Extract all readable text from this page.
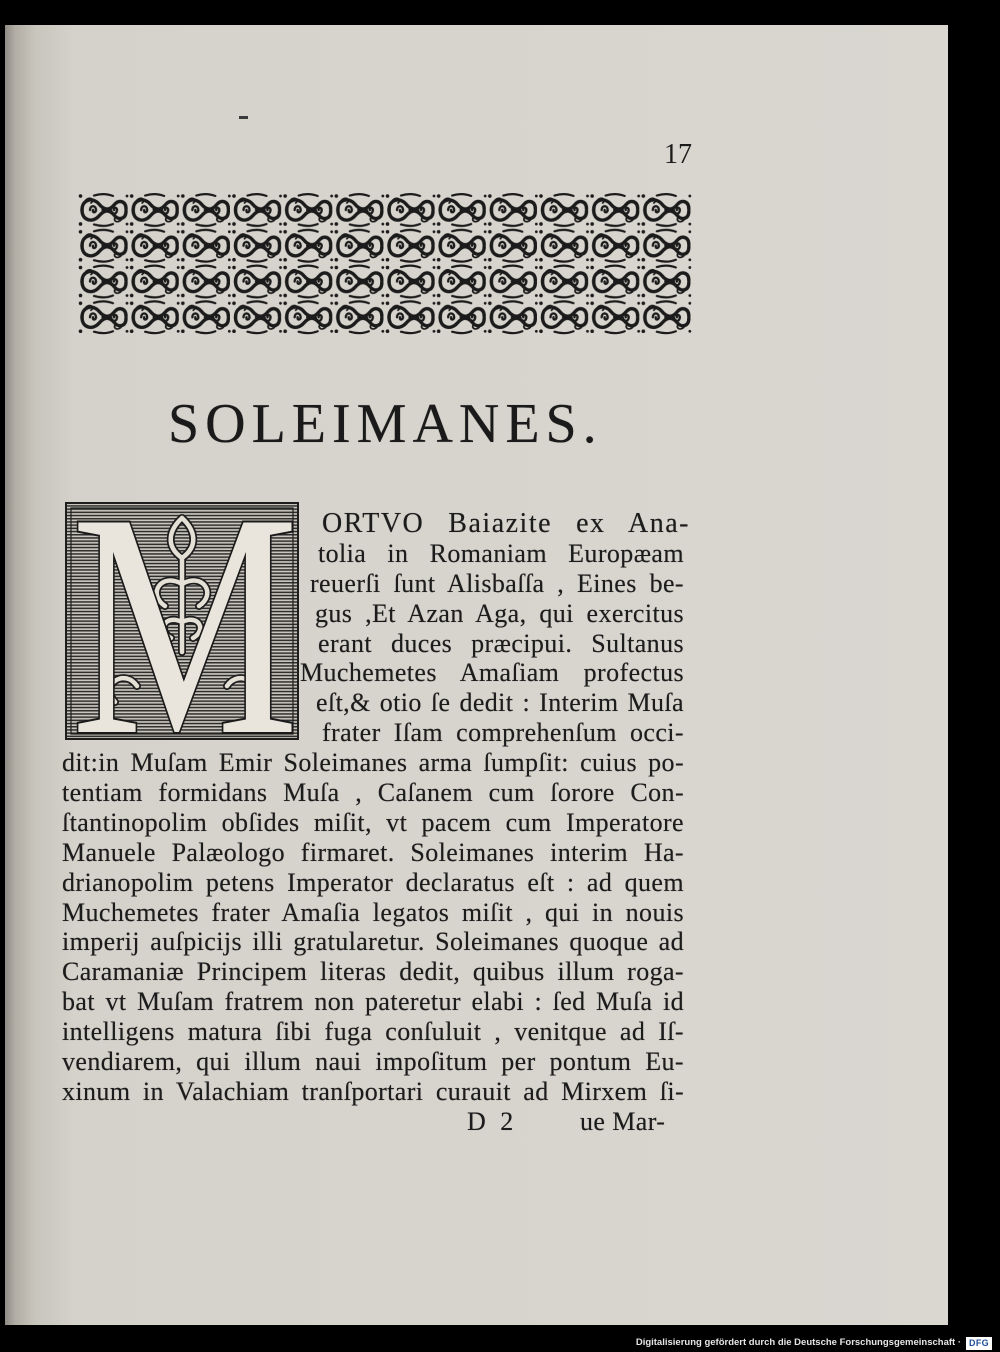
17
SOLEIMANES.
M ORTVO Baiazite ex Ana-
tolia in Romaniam Europæam
reuerſi ſunt Alisbaſſa , Eines be-
gus ,Et Azan Aga, qui exercitus
erant duces præcipui. Sultanus
Muchemetes Amaſiam profectus
eſt,& otio ſe dedit : Interim Muſa
frater Iſam comprehenſum occi-
dit:in Muſam Emir Soleimanes arma ſumpſit: cuius po-
tentiam formidans Muſa , Caſanem cum ſorore Con-
ſtantinopolim obſides miſit, vt pacem cum Imperatore
Manuele Palæologo firmaret. Soleimanes interim Ha-
drianopolim petens Imperator declaratus eſt : ad quem
Muchemetes frater Amaſia legatos miſit , qui in nouis
imperij auſpicijs illi gratularetur. Soleimanes quoque ad
Caramaniæ Principem literas dedit, quibus illum roga-
bat vt Muſam fratrem non pateretur elabi : ſed Muſa id
intelligens matura ſibi fuga conſuluit , venitque ad Iſ-
vendiarem, qui illum naui impoſitum per pontum Eu-
xinum in Valachiam tranſportari curauit ad Mirxem ſi-
D 2 ue Mar-
Digitalisierung gefördert durch die Deutsche Forschungsgemeinschaft · DFG
